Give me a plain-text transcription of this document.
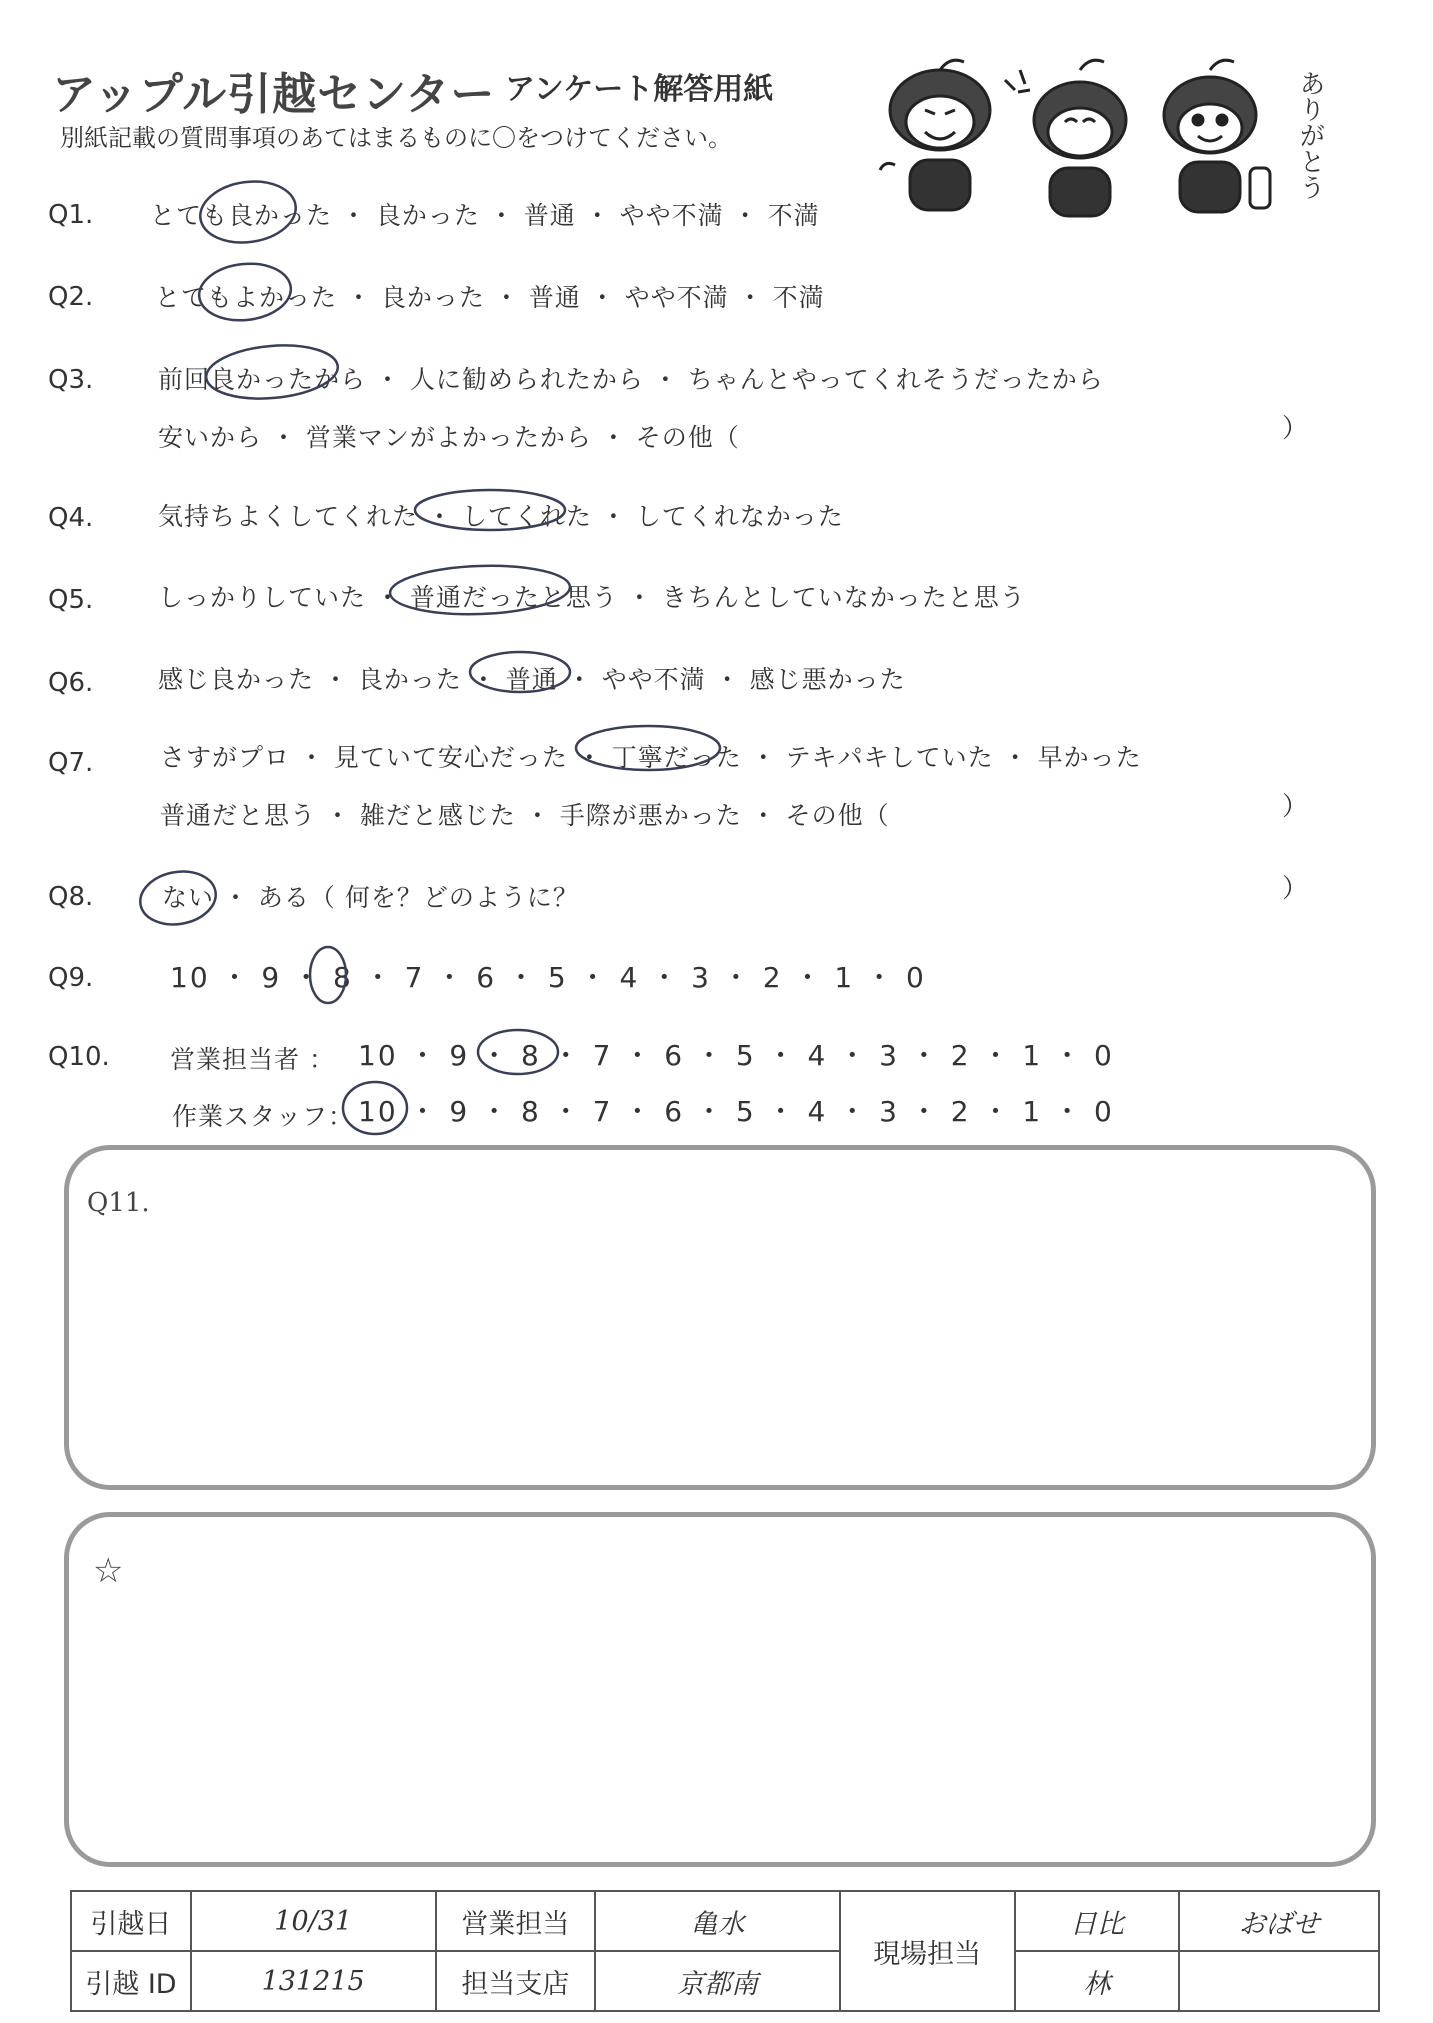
アップル引越センター アンケート解答用紙
別紙記載の質問事項のあてはまるものに〇をつけてください。	ありがとう
Q1. とても良かった ・ 良かった ・ 普通 ・ やや不満 ・ 不満
Q2. とてもよかった ・ 良かった ・ 普通 ・ やや不満 ・ 不満
Q3.	前回良かったから ・ 人に勧められたから ・ ちゃんとやってくれそうだったから
安いから ・ 営業マンがよかったから ・ その他（	）
Q4.	気持ちよくしてくれた ・ してくれた ・ してくれなかった
Q5.	しっかりしていた ・ 普通だったと思う ・ きちんとしていなかったと思う
Q6.	感じ良かった ・ 良かった ・ 普通 ・ やや不満 ・ 感じ悪かった
Q7.	さすがプロ ・ 見ていて安心だった ・ 丁寧だった ・ テキパキしていた ・ 早かった
普通だと思う ・ 雑だと感じた ・ 手際が悪かった ・ その他（	）
Q8.	ない ・ ある（ 何を？どのように？	）
Q9.	10 ・ 9 ・ 8 ・ 7 ・ 6 ・ 5 ・ 4 ・ 3 ・ 2 ・ 1 ・ 0
Q10. 営業担当者 ： 10 ・ 9 ・ 8 ・ 7 ・ 6 ・ 5 ・ 4 ・ 3 ・ 2 ・ 1 ・ 0
作業スタッフ： 10 ・ 9 ・ 8 ・ 7 ・ 6 ・ 5 ・ 4 ・ 3 ・ 2 ・ 1 ・ 0
Q11.
☆
引越日	10/31	営業担当	亀水	現場担当	日比	おばせ
引越 ID	131215	担当支店	京都南		林	
